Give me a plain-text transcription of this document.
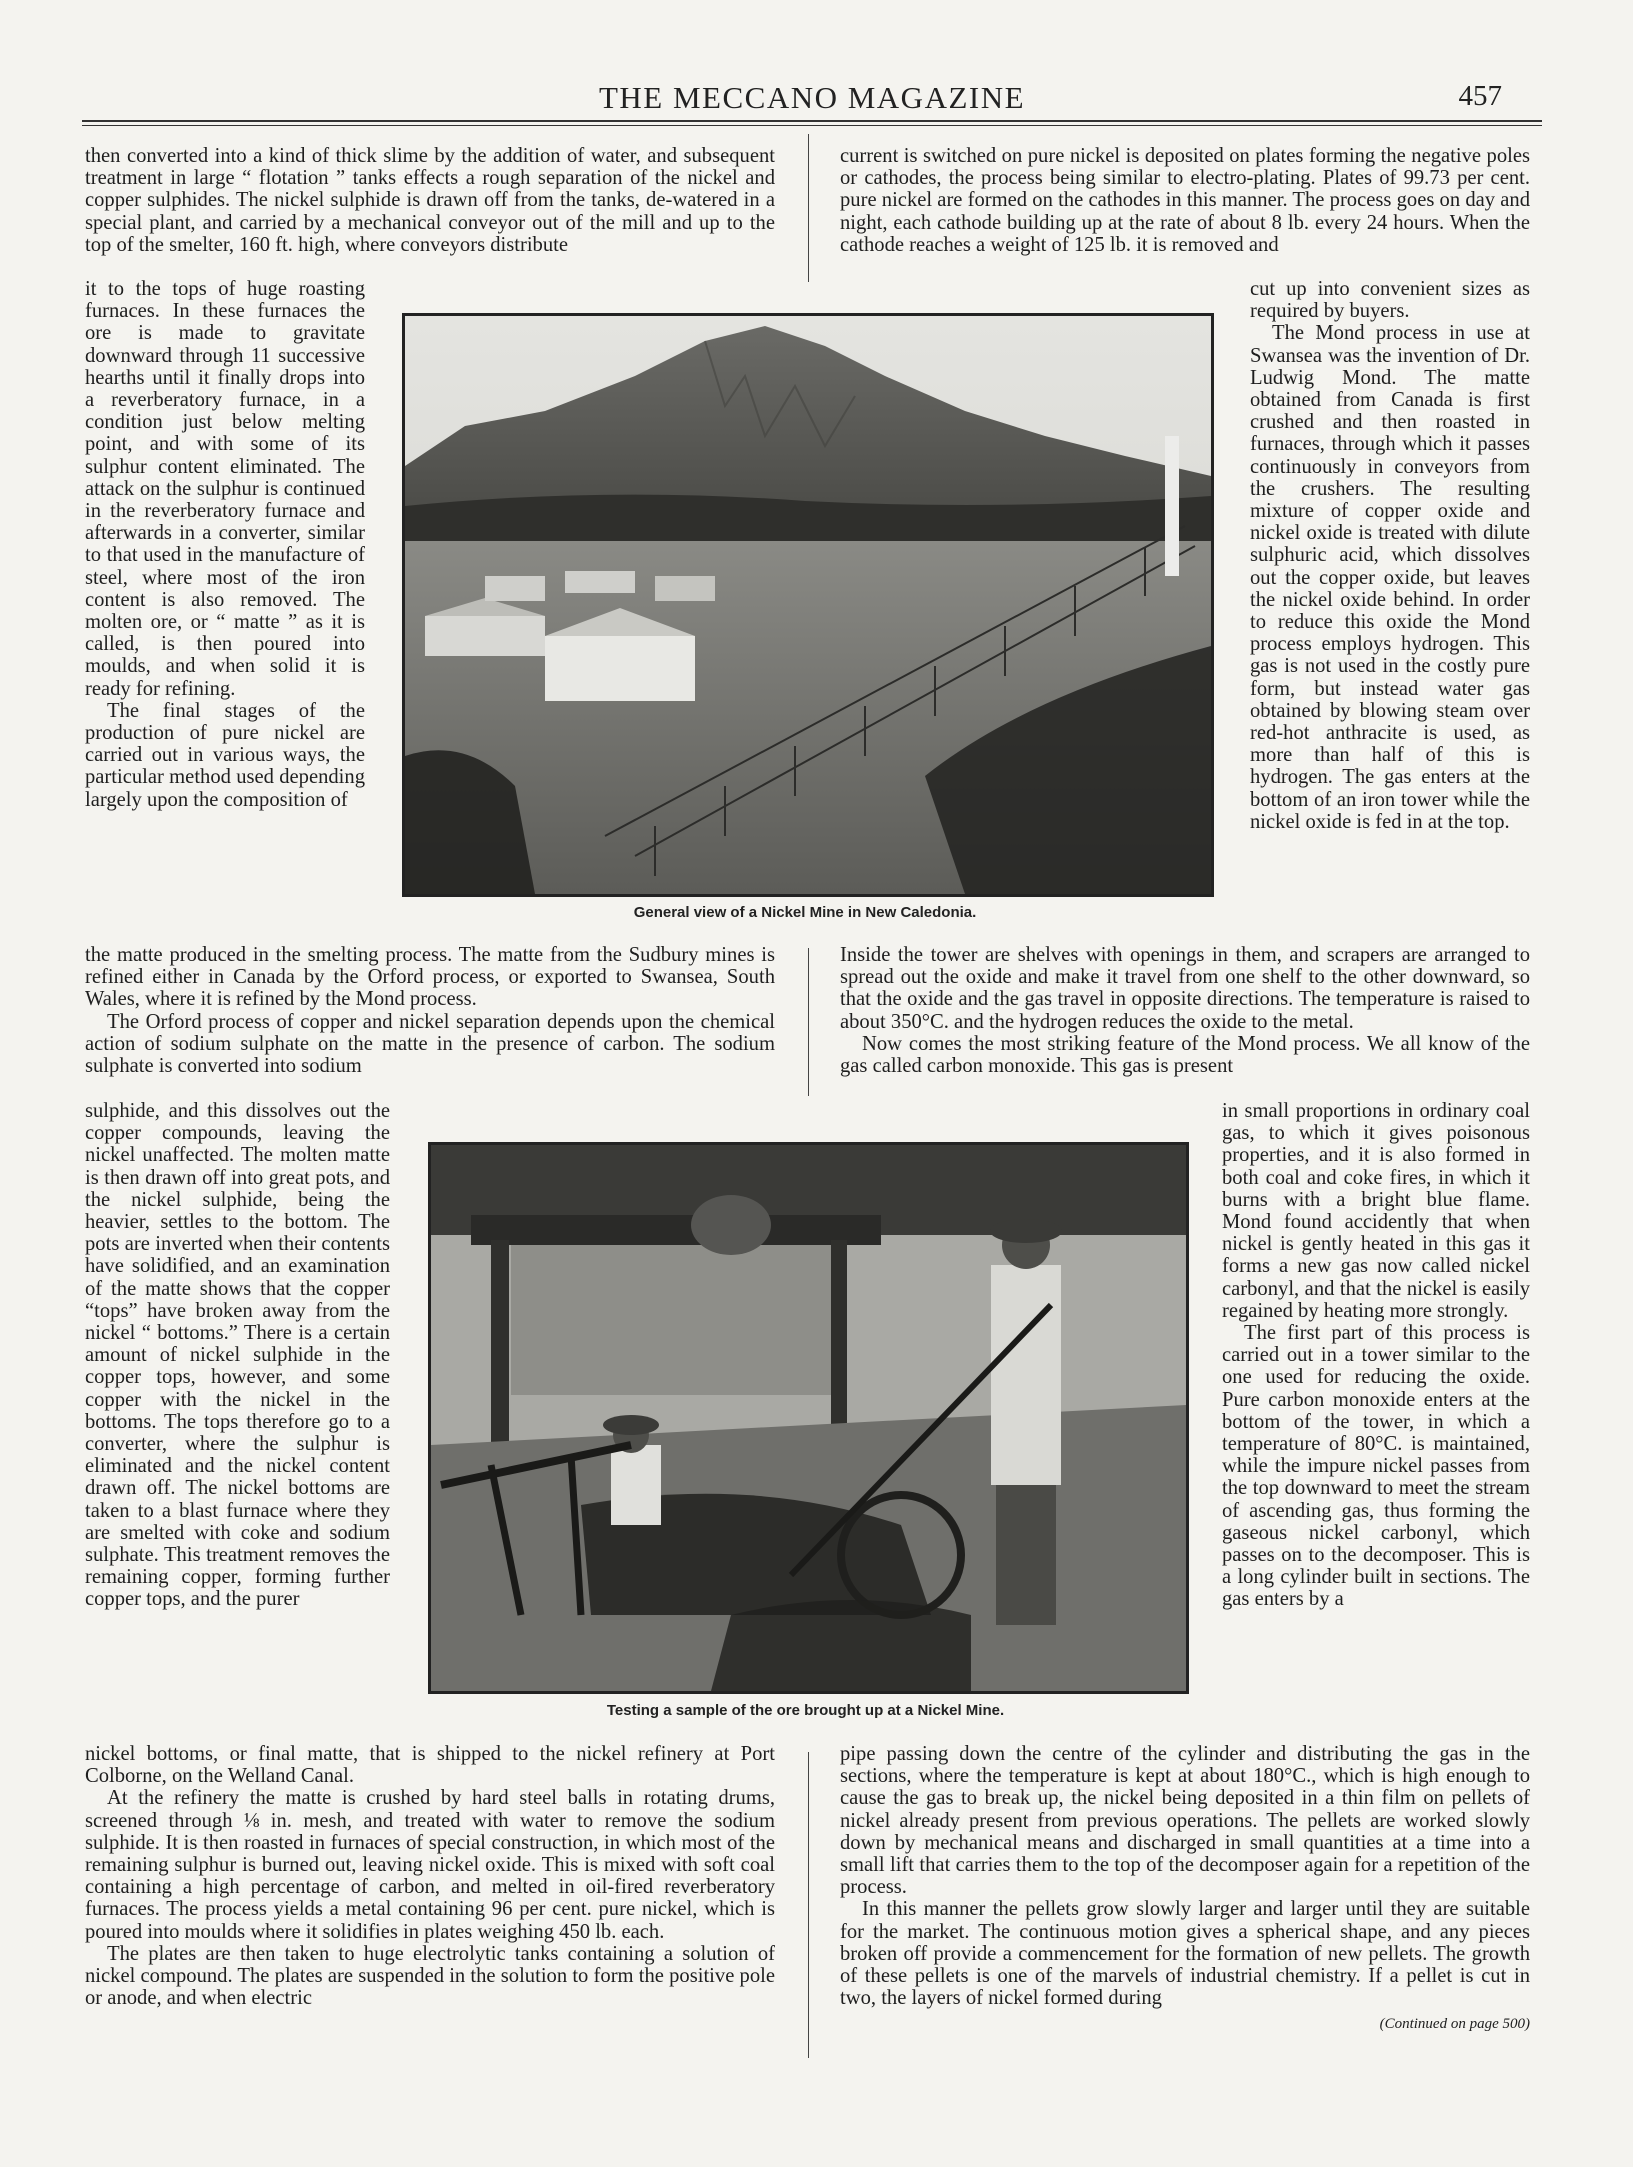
THE MECCANO MAGAZINE	457

then converted into a kind of thick slime by the addition of water, and subsequent treatment in large “ flotation ” tanks effects a rough separation of the nickel and copper sulphides. The nickel sulphide is drawn off from the tanks, de-watered in a special plant, and carried by a mechanical conveyor out of the mill and up to the top of the smelter, 160 ft. high, where conveyors distribute

it to the tops of huge roasting furnaces. In these furnaces the ore is made to gravitate downward through 11 successive hearths until it finally drops into a reverberatory furnace, in a condition just below melting point, and with some of its sulphur content eliminated. The attack on the sulphur is continued in the reverberatory furnace and afterwards in a converter, similar to that used in the manufacture of steel, where most of the iron content is also removed. The molten ore, or “ matte ” as it is called, is then poured into moulds, and when solid it is ready for refining.

The final stages of the production of pure nickel are carried out in various ways, the particular method used depending largely upon the composition of

the matte produced in the smelting process. The matte from the Sudbury mines is refined either in Canada by the Orford process, or exported to Swansea, South Wales, where it is refined by the Mond process.

The Orford process of copper and nickel separation depends upon the chemical action of sodium sulphate on the matte in the presence of carbon. The sodium sulphate is converted into sodium

sulphide, and this dissolves out the copper compounds, leaving the nickel unaffected. The molten matte is then drawn off into great pots, and the nickel sulphide, being the heavier, settles to the bottom. The pots are inverted when their contents have solidified, and an examination of the matte shows that the copper “tops” have broken away from the nickel “ bottoms.” There is a certain amount of nickel sulphide in the copper tops, however, and some copper with the nickel in the bottoms. The tops therefore go to a converter, where the sulphur is eliminated and the nickel content drawn off. The nickel bottoms are taken to a blast furnace where they are smelted with coke and sodium sulphate. This treatment removes the remaining copper, forming further copper tops, and the purer

nickel bottoms, or final matte, that is shipped to the nickel refinery at Port Colborne, on the Welland Canal.

At the refinery the matte is crushed by hard steel balls in rotating drums, screened through ⅛ in. mesh, and treated with water to remove the sodium sulphide. It is then roasted in furnaces of special construction, in which most of the remaining sulphur is burned out, leaving nickel oxide. This is mixed with soft coal containing a high percentage of carbon, and melted in oil-fired reverberatory furnaces. The process yields a metal containing 96 per cent. pure nickel, which is poured into moulds where it solidifies in plates weighing 450 lb. each.

The plates are then taken to huge electrolytic tanks containing a solution of nickel compound. The plates are suspended in the solution to form the positive pole or anode, and when electric

current is switched on pure nickel is deposited on plates forming the negative poles or cathodes, the process being similar to electro-plating. Plates of 99.73 per cent. pure nickel are formed on the cathodes in this manner. The process goes on day and night, each cathode building up at the rate of about 8 lb. every 24 hours. When the cathode reaches a weight of 125 lb. it is removed and

cut up into convenient sizes as required by buyers.

The Mond process in use at Swansea was the invention of Dr. Ludwig Mond. The matte obtained from Canada is first crushed and then roasted in furnaces, through which it passes continuously in conveyors from the crushers. The resulting mixture of copper oxide and nickel oxide is treated with dilute sulphuric acid, which dissolves out the copper oxide, but leaves the nickel oxide behind. In order to reduce this oxide the Mond process employs hydrogen. This gas is not used in the costly pure form, but instead water gas obtained by blowing steam over red-hot anthracite is used, as more than half of this is hydrogen. The gas enters at the bottom of an iron tower while the nickel oxide is fed in at the top.

Inside the tower are shelves with openings in them, and scrapers are arranged to spread out the oxide and make it travel from one shelf to the other downward, so that the oxide and the gas travel in opposite directions. The temperature is raised to about 350°C. and the hydrogen reduces the oxide to the metal.

Now comes the most striking feature of the Mond process. We all know of the gas called carbon monoxide. This gas is present

in small proportions in ordinary coal gas, to which it gives poisonous properties, and it is also formed in both coal and coke fires, in which it burns with a bright blue flame. Mond found accidently that when nickel is gently heated in this gas it forms a new gas now called nickel carbonyl, and that the nickel is easily regained by heating more strongly.

The first part of this process is carried out in a tower similar to the one used for reducing the oxide. Pure carbon monoxide enters at the bottom of the tower, in which a temperature of 80°C. is maintained, while the impure nickel passes from the top downward to meet the stream of ascending gas, thus forming the gaseous nickel carbonyl, which passes on to the decomposer. This is a long cylinder built in sections. The gas enters by a

pipe passing down the centre of the cylinder and distributing the gas in the sections, where the temperature is kept at about 180°C., which is high enough to cause the gas to break up, the nickel being deposited in a thin film on pellets of nickel already present from previous operations. The pellets are worked slowly down by mechanical means and discharged in small quantities at a time into a small lift that carries them to the top of the decomposer again for a repetition of the process.

In this manner the pellets grow slowly larger and larger until they are suitable for the market. The continuous motion gives a spherical shape, and any pieces broken off provide a commencement for the formation of new pellets. The growth of these pellets is one of the marvels of industrial chemistry. If a pellet is cut in two, the layers of nickel formed during

(Continued on page 500)

General view of a Nickel Mine in New Caledonia.
Testing a sample of the ore brought up at a Nickel Mine.
